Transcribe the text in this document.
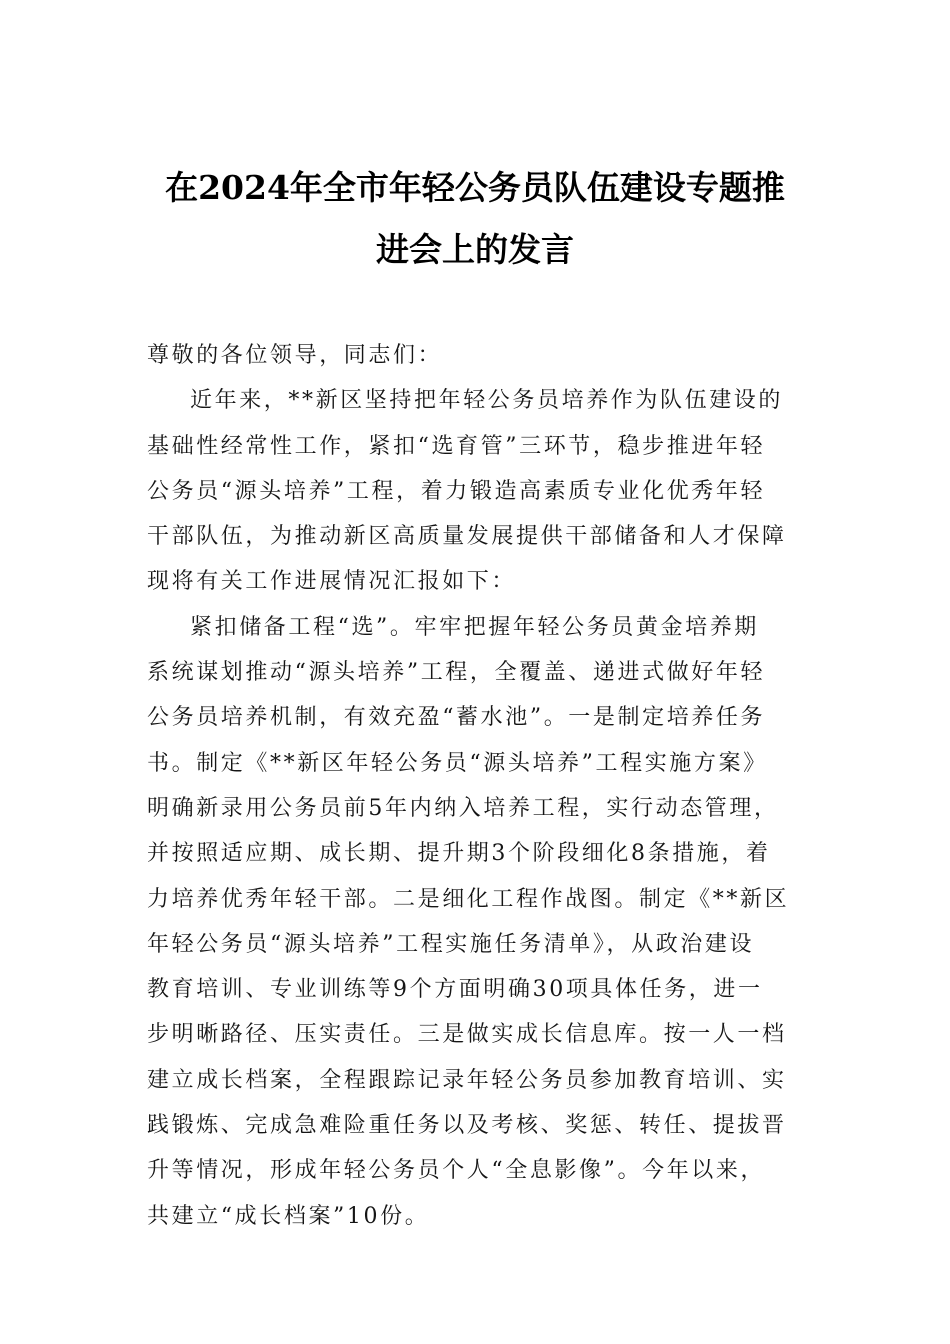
在2024年全市年轻公务员队伍建设专题推
进会上的发言
尊敬的各位领导，同志们：
近年来，**新区坚持把年轻公务员培养作为队伍建设的
基础性经常性工作，紧扣“选育管”三环节，稳步推进年轻
公务员“源头培养”工程，着力锻造高素质专业化优秀年轻
干部队伍，为推动新区高质量发展提供干部储备和人才保障
现将有关工作进展情况汇报如下：
紧扣储备工程“选”。牢牢把握年轻公务员黄金培养期
系统谋划推动“源头培养”工程，全覆盖、递进式做好年轻
公务员培养机制，有效充盈“蓄水池”。一是制定培养任务
书。制定《**新区年轻公务员“源头培养”工程实施方案》
明确新录用公务员前5年内纳入培养工程，实行动态管理，
并按照适应期、成长期、提升期3个阶段细化8条措施，着
力培养优秀年轻干部。二是细化工程作战图。制定《**新区
年轻公务员“源头培养”工程实施任务清单》，从政治建设
教育培训、专业训练等9个方面明确30项具体任务，进一
步明晰路径、压实责任。三是做实成长信息库。按一人一档
建立成长档案，全程跟踪记录年轻公务员参加教育培训、实
践锻炼、完成急难险重任务以及考核、奖惩、转任、提拔晋
升等情况，形成年轻公务员个人“全息影像”。今年以来，
共建立“成长档案”10份。
